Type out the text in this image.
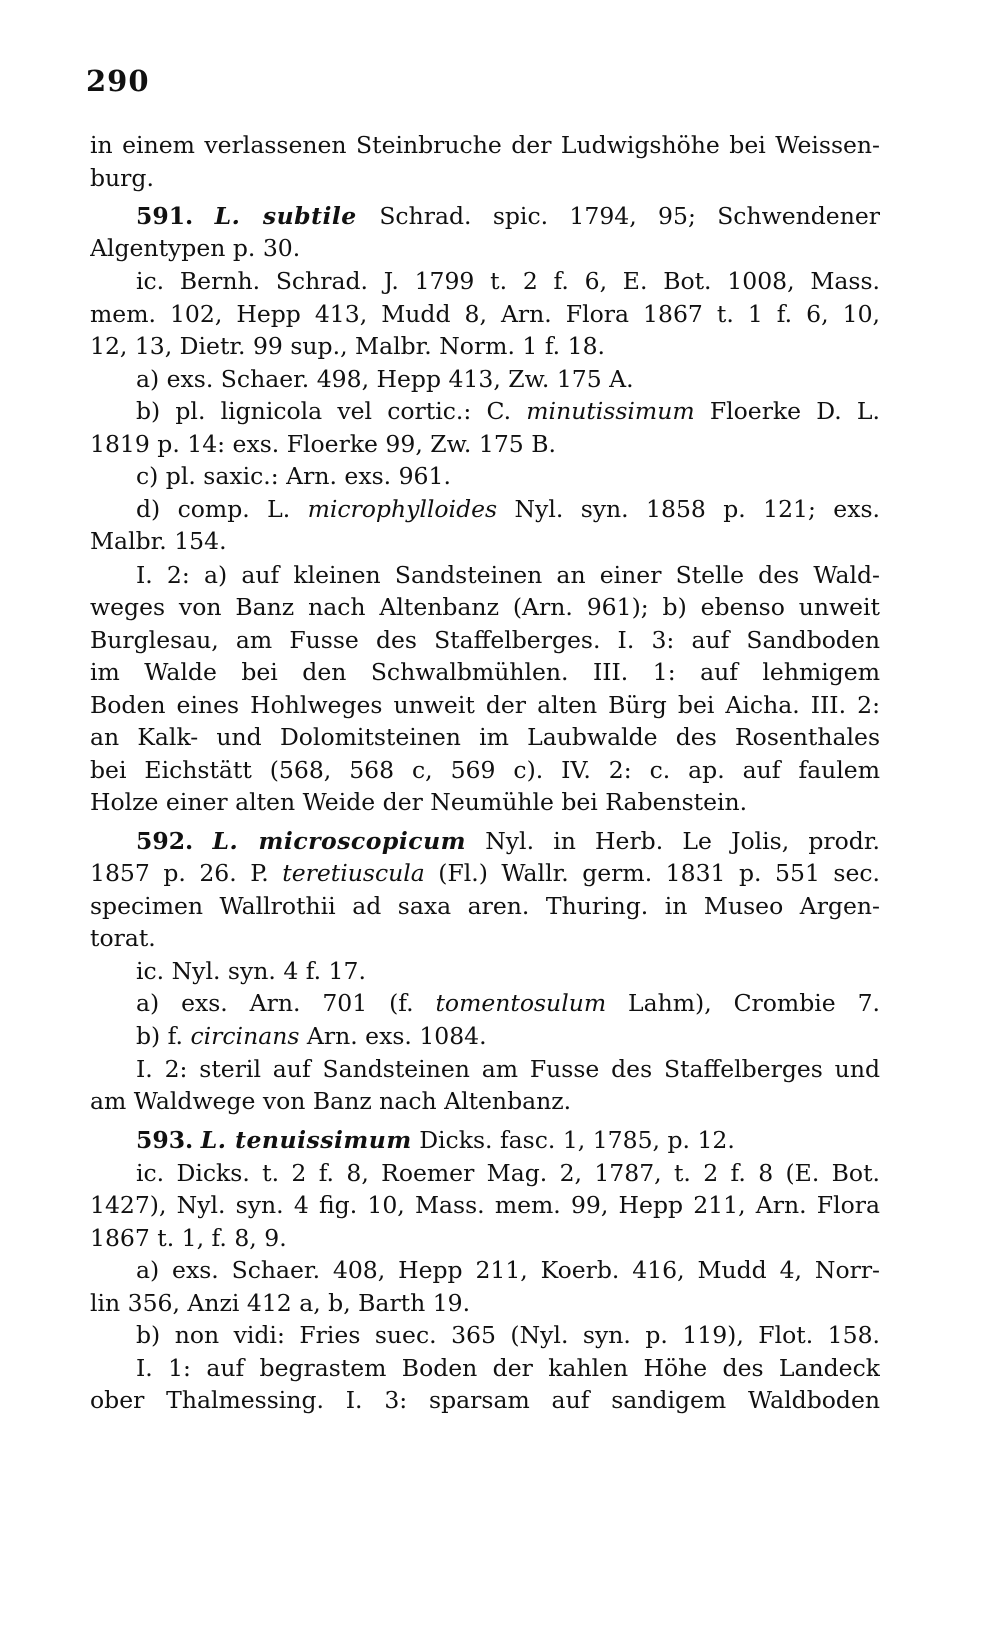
290
in einem verlassenen Steinbruche der Ludwigshöhe bei Weissen-
burg.
591. L. subtile Schrad. spic. 1794, 95; Schwendener
Algentypen p. 30.
ic. Bernh. Schrad. J. 1799 t. 2 f. 6, E. Bot. 1008, Mass.
mem. 102, Hepp 413, Mudd 8, Arn. Flora 1867 t. 1 f. 6, 10,
12, 13, Dietr. 99 sup., Malbr. Norm. 1 f. 18.
a) exs. Schaer. 498, Hepp 413, Zw. 175 A.
b) pl. lignicola vel cortic.: C. minutissimum Floerke D. L.
1819 p. 14: exs. Floerke 99, Zw. 175 B.
c) pl. saxic.: Arn. exs. 961.
d) comp. L. microphylloides Nyl. syn. 1858 p. 121; exs.
Malbr. 154.
I. 2: a) auf kleinen Sandsteinen an einer Stelle des Wald-
weges von Banz nach Altenbanz (Arn. 961); b) ebenso unweit
Burglesau, am Fusse des Staffelberges. I. 3: auf Sandboden
im Walde bei den Schwalbmühlen. III. 1: auf lehmigem
Boden eines Hohlweges unweit der alten Bürg bei Aicha. III. 2:
an Kalk- und Dolomitsteinen im Laubwalde des Rosenthales
bei Eichstätt (568, 568 c, 569 c). IV. 2: c. ap. auf faulem
Holze einer alten Weide der Neumühle bei Rabenstein.
592. L. microscopicum Nyl. in Herb. Le Jolis, prodr.
1857 p. 26. P. teretiuscula (Fl.) Wallr. germ. 1831 p. 551 sec.
specimen Wallrothii ad saxa aren. Thuring. in Museo Argen-
torat.
ic. Nyl. syn. 4 f. 17.
a) exs. Arn. 701 (f. tomentosulum Lahm), Crombie 7.
b) f. circinans Arn. exs. 1084.
I. 2: steril auf Sandsteinen am Fusse des Staffelberges und
am Waldwege von Banz nach Altenbanz.
593. L. tenuissimum Dicks. fasc. 1, 1785, p. 12.
ic. Dicks. t. 2 f. 8, Roemer Mag. 2, 1787, t. 2 f. 8 (E. Bot.
1427), Nyl. syn. 4 fig. 10, Mass. mem. 99, Hepp 211, Arn. Flora
1867 t. 1, f. 8, 9.
a) exs. Schaer. 408, Hepp 211, Koerb. 416, Mudd 4, Norr-
lin 356, Anzi 412 a, b, Barth 19.
b) non vidi: Fries suec. 365 (Nyl. syn. p. 119), Flot. 158.
I. 1: auf begrastem Boden der kahlen Höhe des Landeck
ober Thalmessing. I. 3: sparsam auf sandigem Waldboden
